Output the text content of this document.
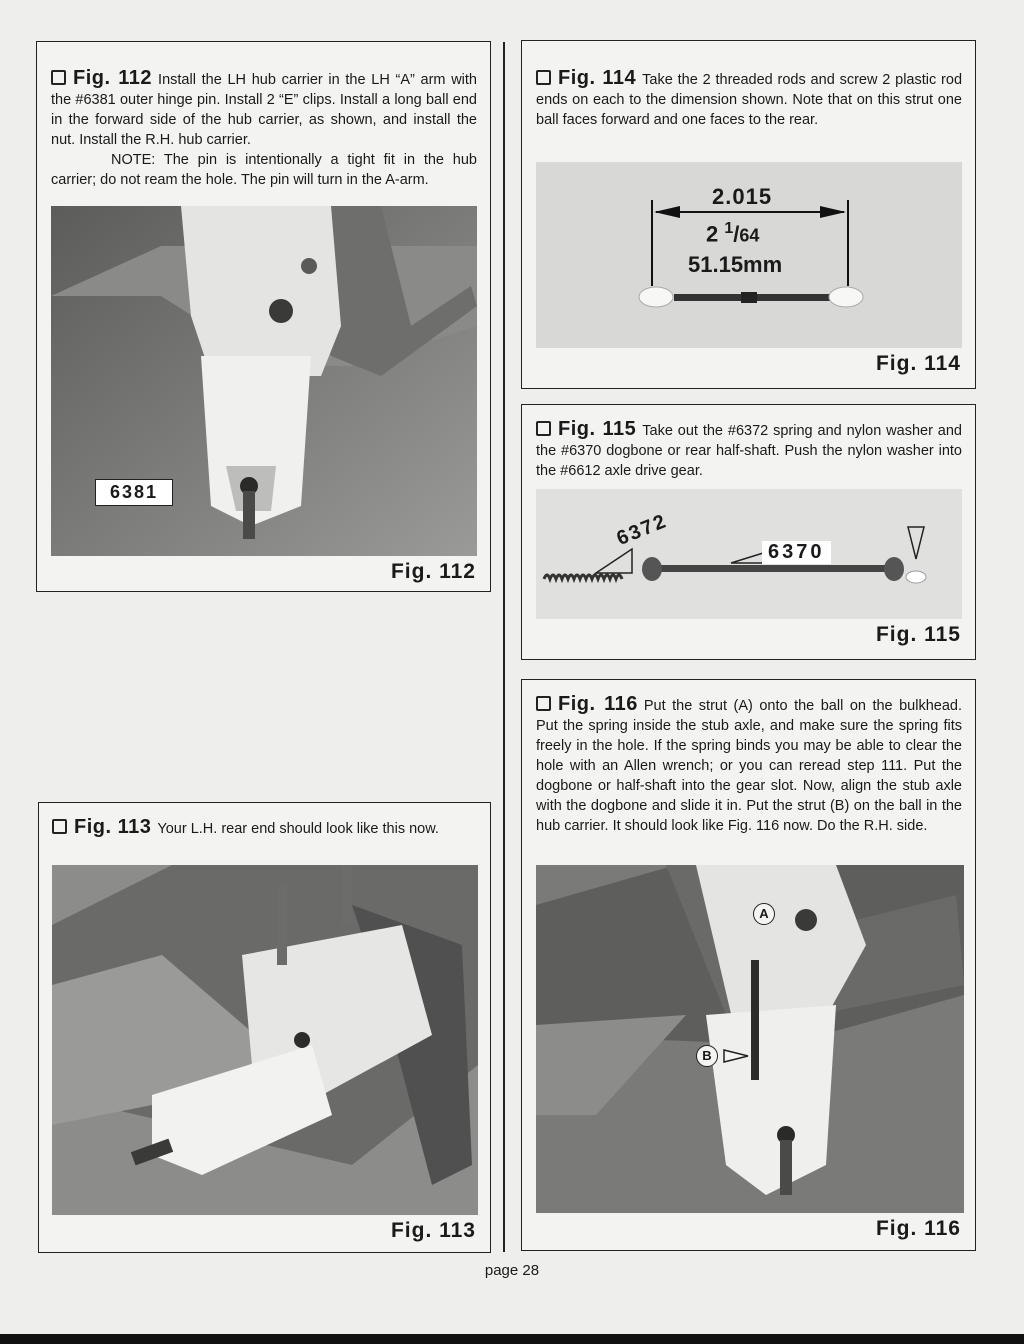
Fig. 112 Install the LH hub carrier in the LH “A” arm with the #6381 outer hinge pin. Install 2 “E” clips. Install a long ball end in the forward side of the hub carrier, as shown, and install the nut. Install the R.H. hub carrier.
NOTE: The pin is intentionally a tight fit in the hub carrier; do not ream the hole. The pin will turn in the A-arm.
6381
Fig. 112
Fig. 113 Your L.H. rear end should look like this now.
Fig. 113
Fig. 114 Take the 2 threaded rods and screw 2 plastic rod ends on each to the dimension shown. Note that on this strut one ball faces forward and one faces to the rear.
2.015
2 $^1$/64
51.15mm
Fig. 114
Fig. 115 Take out the #6372 spring and nylon washer and the #6370 dogbone or rear half-shaft. Push the nylon washer into the #6612 axle drive gear.
6372
6370
Fig. 115
Fig. 116 Put the strut (A) onto the ball on the bulkhead. Put the spring inside the stub axle, and make sure the spring fits freely in the hole. If the spring binds you may be able to clear the hole with an Allen wrench; or you can reread step 111. Put the dogbone or half-shaft into the gear slot. Now, align the stub axle with the dogbone and slide it in. Put the strut (B) on the ball in the hub carrier. It should look like Fig. 116 now. Do the R.H. side.
A
B
Fig. 116
page 28
